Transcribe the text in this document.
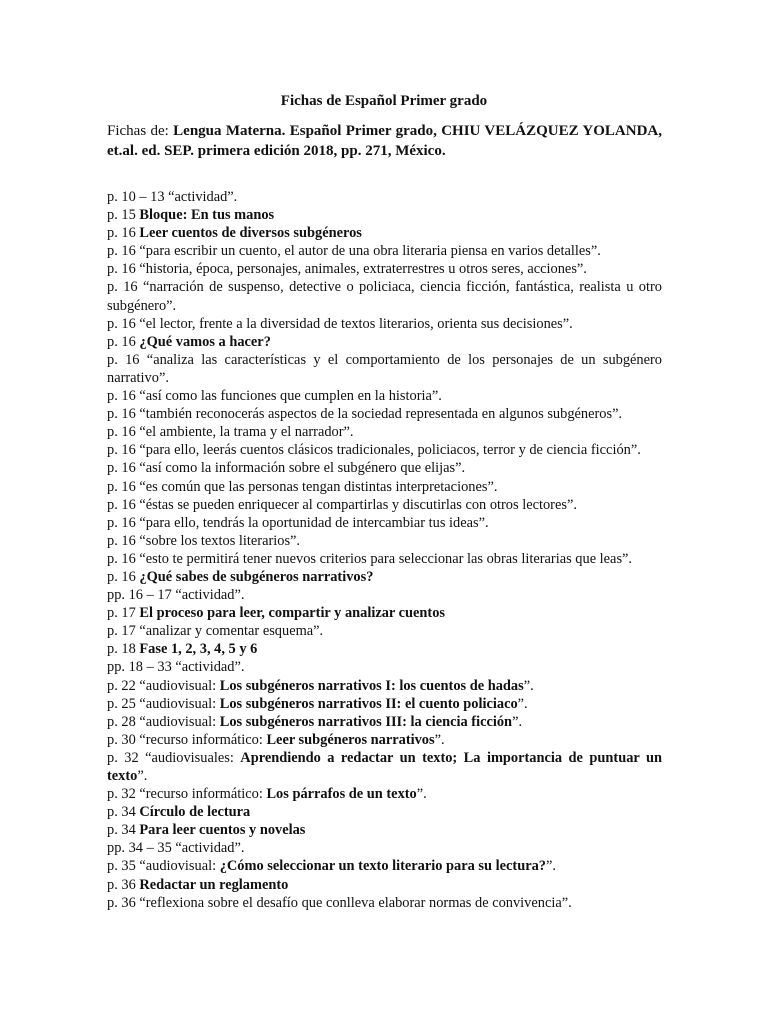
Fichas de Español Primer grado
Fichas de: Lengua Materna. Español Primer grado, CHIU VELÁZQUEZ YOLANDA, et.al. ed. SEP. primera edición 2018, pp. 271, México.
p. 10 – 13 “actividad”.
p. 15 Bloque: En tus manos
p. 16 Leer cuentos de diversos subgéneros
p. 16 “para escribir un cuento, el autor de una obra literaria piensa en varios detalles”.
p. 16 “historia, época, personajes, animales, extraterrestres u otros seres, acciones”.
p. 16 “narración de suspenso, detective o policiaca, ciencia ficción, fantástica, realista u otro subgénero”.
p. 16 “el lector, frente a la diversidad de textos literarios, orienta sus decisiones”.
p. 16 ¿Qué vamos a hacer?
p. 16 “analiza las características y el comportamiento de los personajes de un subgénero narrativo”.
p. 16 “así como las funciones que cumplen en la historia”.
p. 16 “también reconocerás aspectos de la sociedad representada en algunos subgéneros”.
p. 16 “el ambiente, la trama y el narrador”.
p. 16 “para ello, leerás cuentos clásicos tradicionales, policiacos, terror y de ciencia ficción”.
p. 16 “así como la información sobre el subgénero que elijas”.
p. 16 “es común que las personas tengan distintas interpretaciones”.
p. 16 “éstas se pueden enriquecer al compartirlas y discutirlas con otros lectores”.
p. 16 “para ello, tendrás la oportunidad de intercambiar tus ideas”.
p. 16 “sobre los textos literarios”.
p. 16 “esto te permitirá tener nuevos criterios para seleccionar las obras literarias que leas”.
p. 16 ¿Qué sabes de subgéneros narrativos?
pp. 16 – 17 “actividad”.
p. 17 El proceso para leer, compartir y analizar cuentos
p. 17 “analizar y comentar esquema”.
p. 18 Fase 1, 2, 3, 4, 5 y 6
pp. 18 – 33 “actividad”.
p. 22 “audiovisual: Los subgéneros narrativos I: los cuentos de hadas”.
p. 25 “audiovisual: Los subgéneros narrativos II: el cuento policiaco”.
p. 28 “audiovisual: Los subgéneros narrativos III: la ciencia ficción”.
p. 30 “recurso informático: Leer subgéneros narrativos”.
p. 32 “audiovisuales: Aprendiendo a redactar un texto; La importancia de puntuar un texto”.
p. 32 “recurso informático: Los párrafos de un texto”.
p. 34 Círculo de lectura
p. 34 Para leer cuentos y novelas
pp. 34 – 35 “actividad”.
p. 35 “audiovisual: ¿Cómo seleccionar un texto literario para su lectura?”.
p. 36 Redactar un reglamento
p. 36 “reflexiona sobre el desafío que conlleva elaborar normas de convivencia”.
